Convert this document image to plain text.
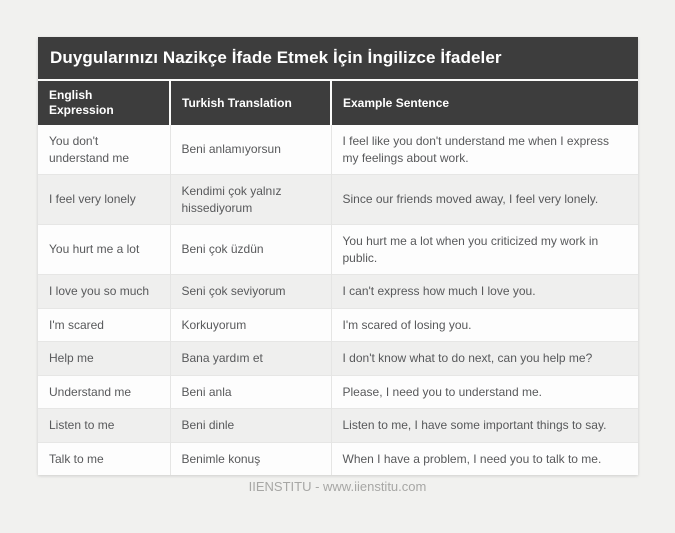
Duygularınızı Nazikçe İfade Etmek İçin İngilizce İfadeler
English Expression	Turkish Translation	Example Sentence
You don't understand me	Beni anlamıyorsun	I feel like you don't understand me when I express my feelings about work.
I feel very lonely	Kendimi çok yalnız hissediyorum	Since our friends moved away, I feel very lonely.
You hurt me a lot	Beni çok üzdün	You hurt me a lot when you criticized my work in public.
I love you so much	Seni çok seviyorum	I can't express how much I love you.
I'm scared	Korkuyorum	I'm scared of losing you.
Help me	Bana yardım et	I don't know what to do next, can you help me?
Understand me	Beni anla	Please, I need you to understand me.
Listen to me	Beni dinle	Listen to me, I have some important things to say.
Talk to me	Benimle konuş	When I have a problem, I need you to talk to me.
IIENSTITU - www.iienstitu.com
